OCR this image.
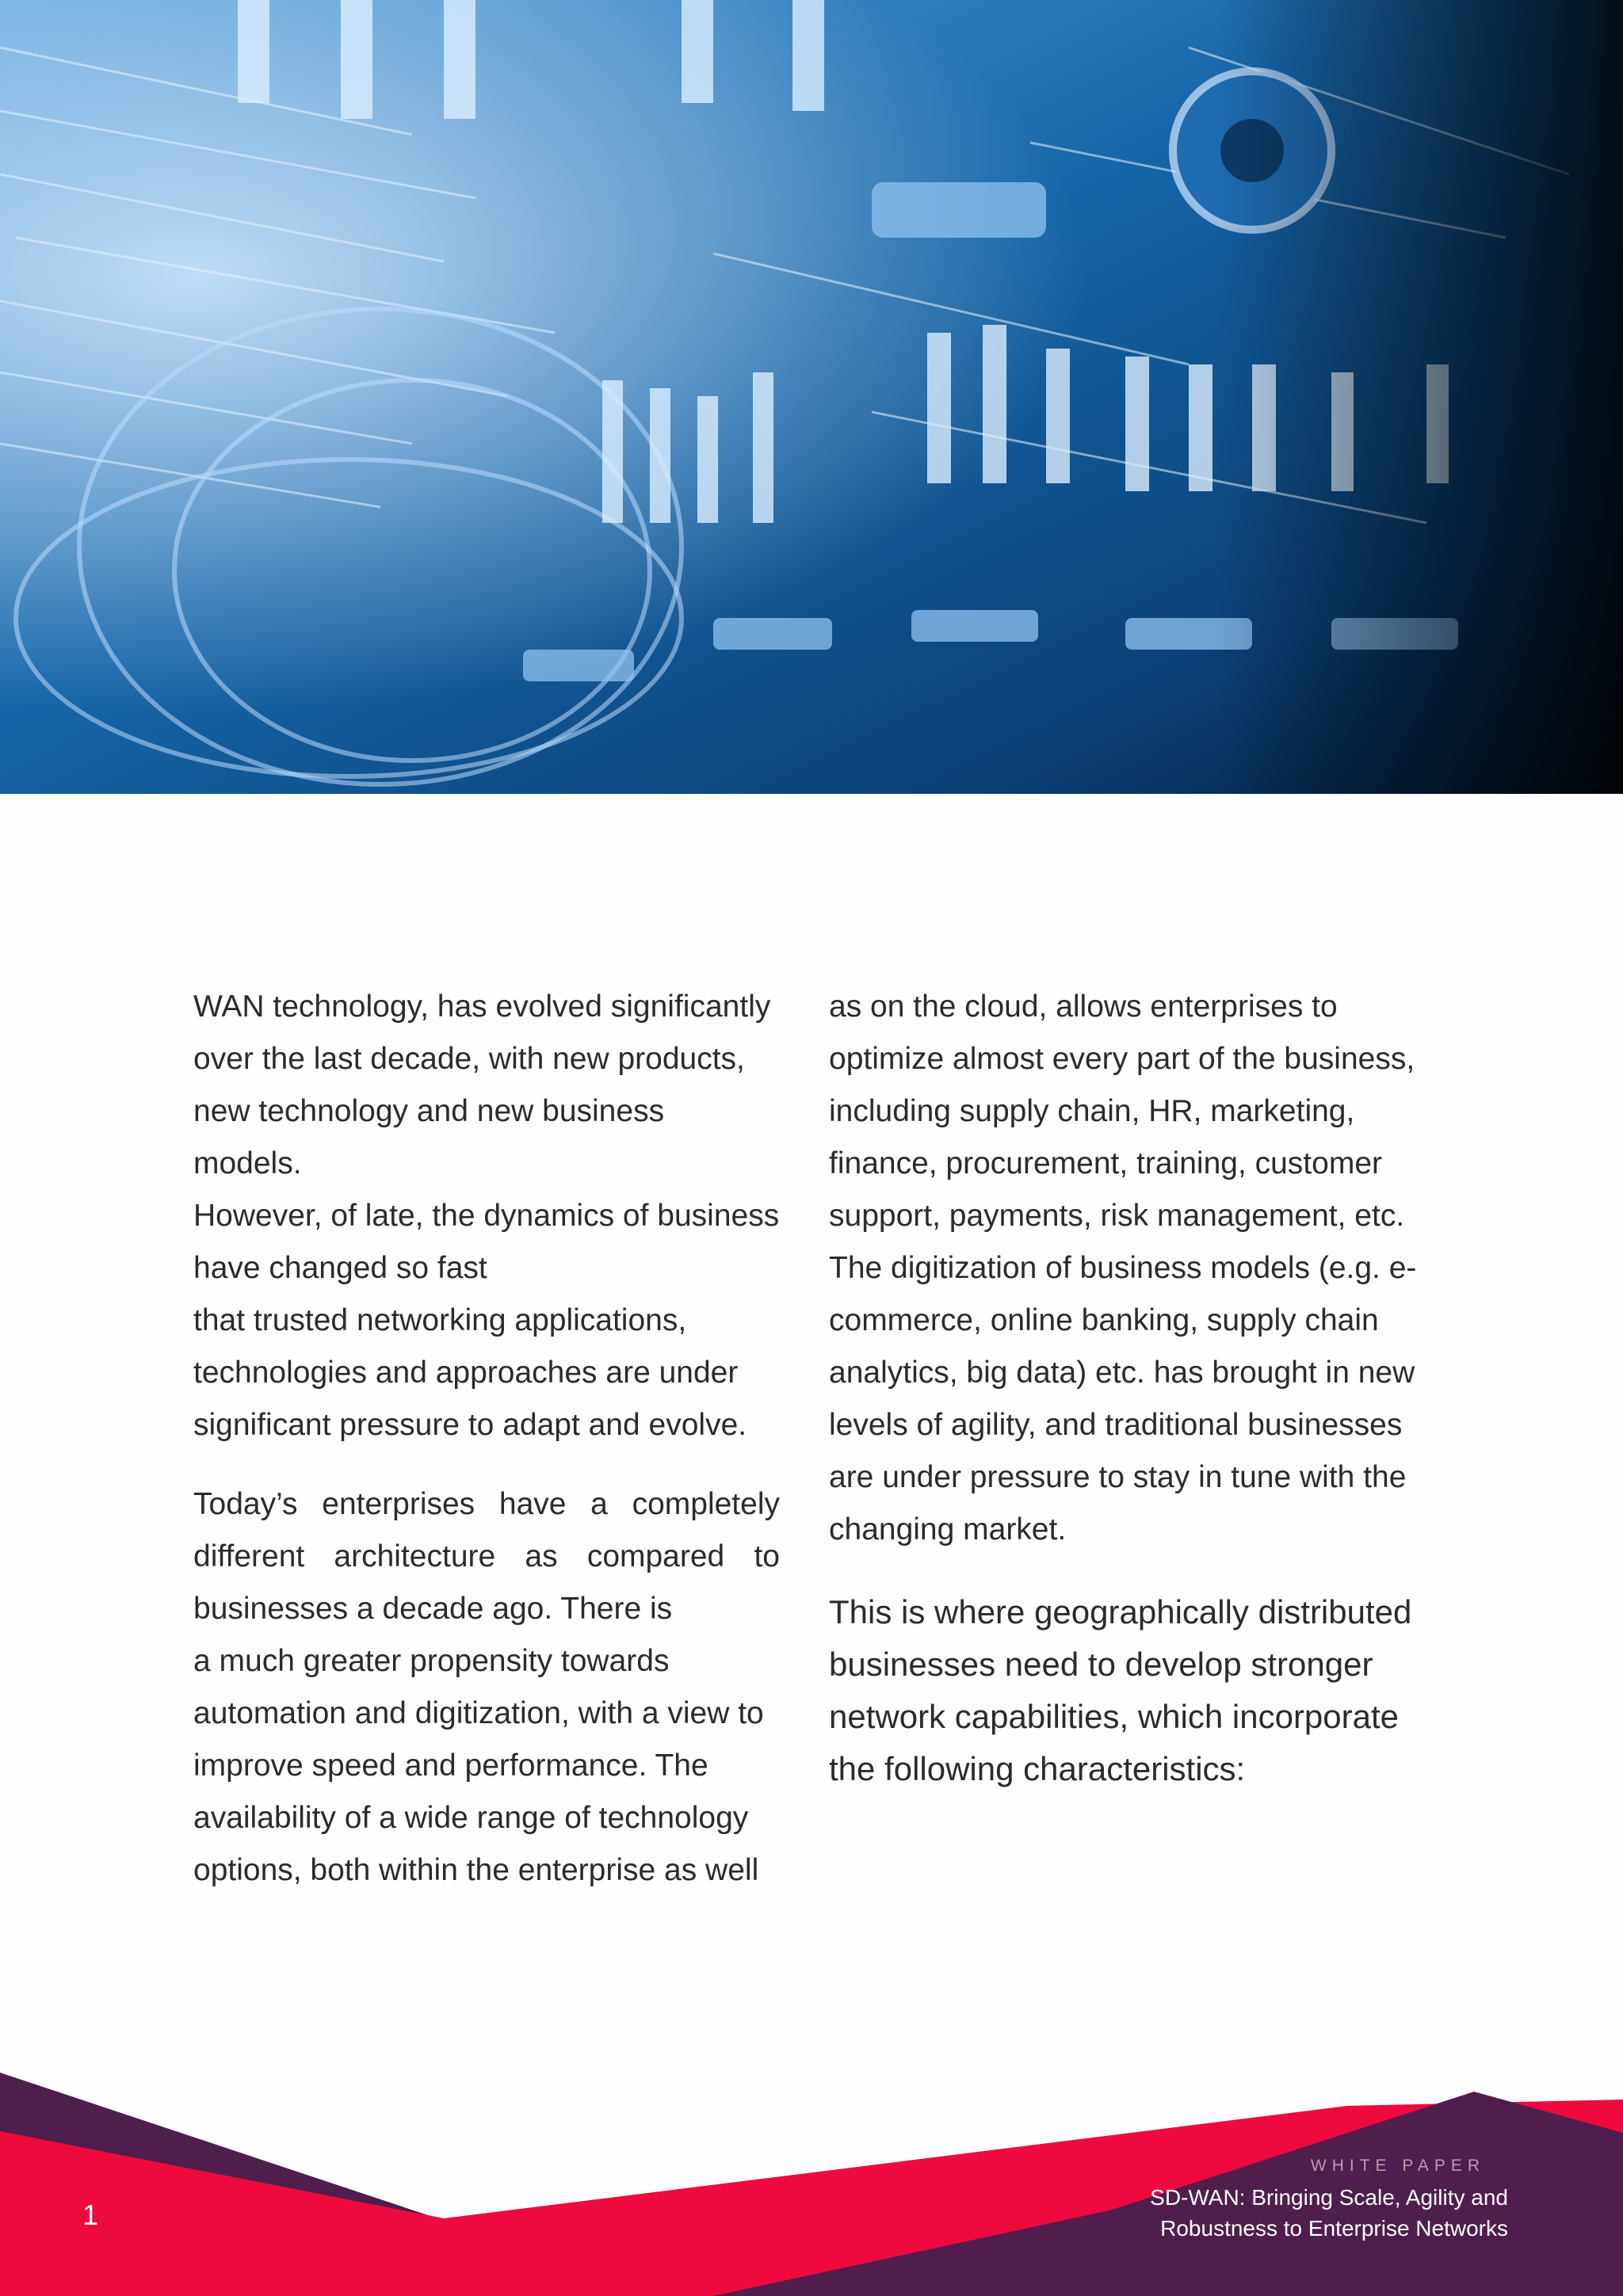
WAN technology, has evolved significantly
over the last decade, with new products,
new technology and new business models.
However, of late, the dynamics of business
have changed so fast
that trusted networking applications,
technologies and approaches are under
significant pressure to adapt and evolve.

Today’s enterprises have a completely
different architecture as compared to
businesses a decade ago. There is
a much greater propensity towards
automation and digitization, with a view to
improve speed and performance. The
availability of a wide range of technology
options, both within the enterprise as well

as on the cloud, allows enterprises to
optimize almost every part of the business,
including supply chain, HR, marketing,
finance, procurement, training, customer
support, payments, risk management, etc.
The digitization of business models (e.g. e-
commerce, online banking, supply chain
analytics, big data) etc. has brought in new
levels of agility, and traditional businesses
are under pressure to stay in tune with the
changing market.

This is where geographically distributed
businesses need to develop stronger
network capabilities, which incorporate
the following characteristics:

1
WHITE PAPER
SD-WAN: Bringing Scale, Agility and
Robustness to Enterprise Networks
